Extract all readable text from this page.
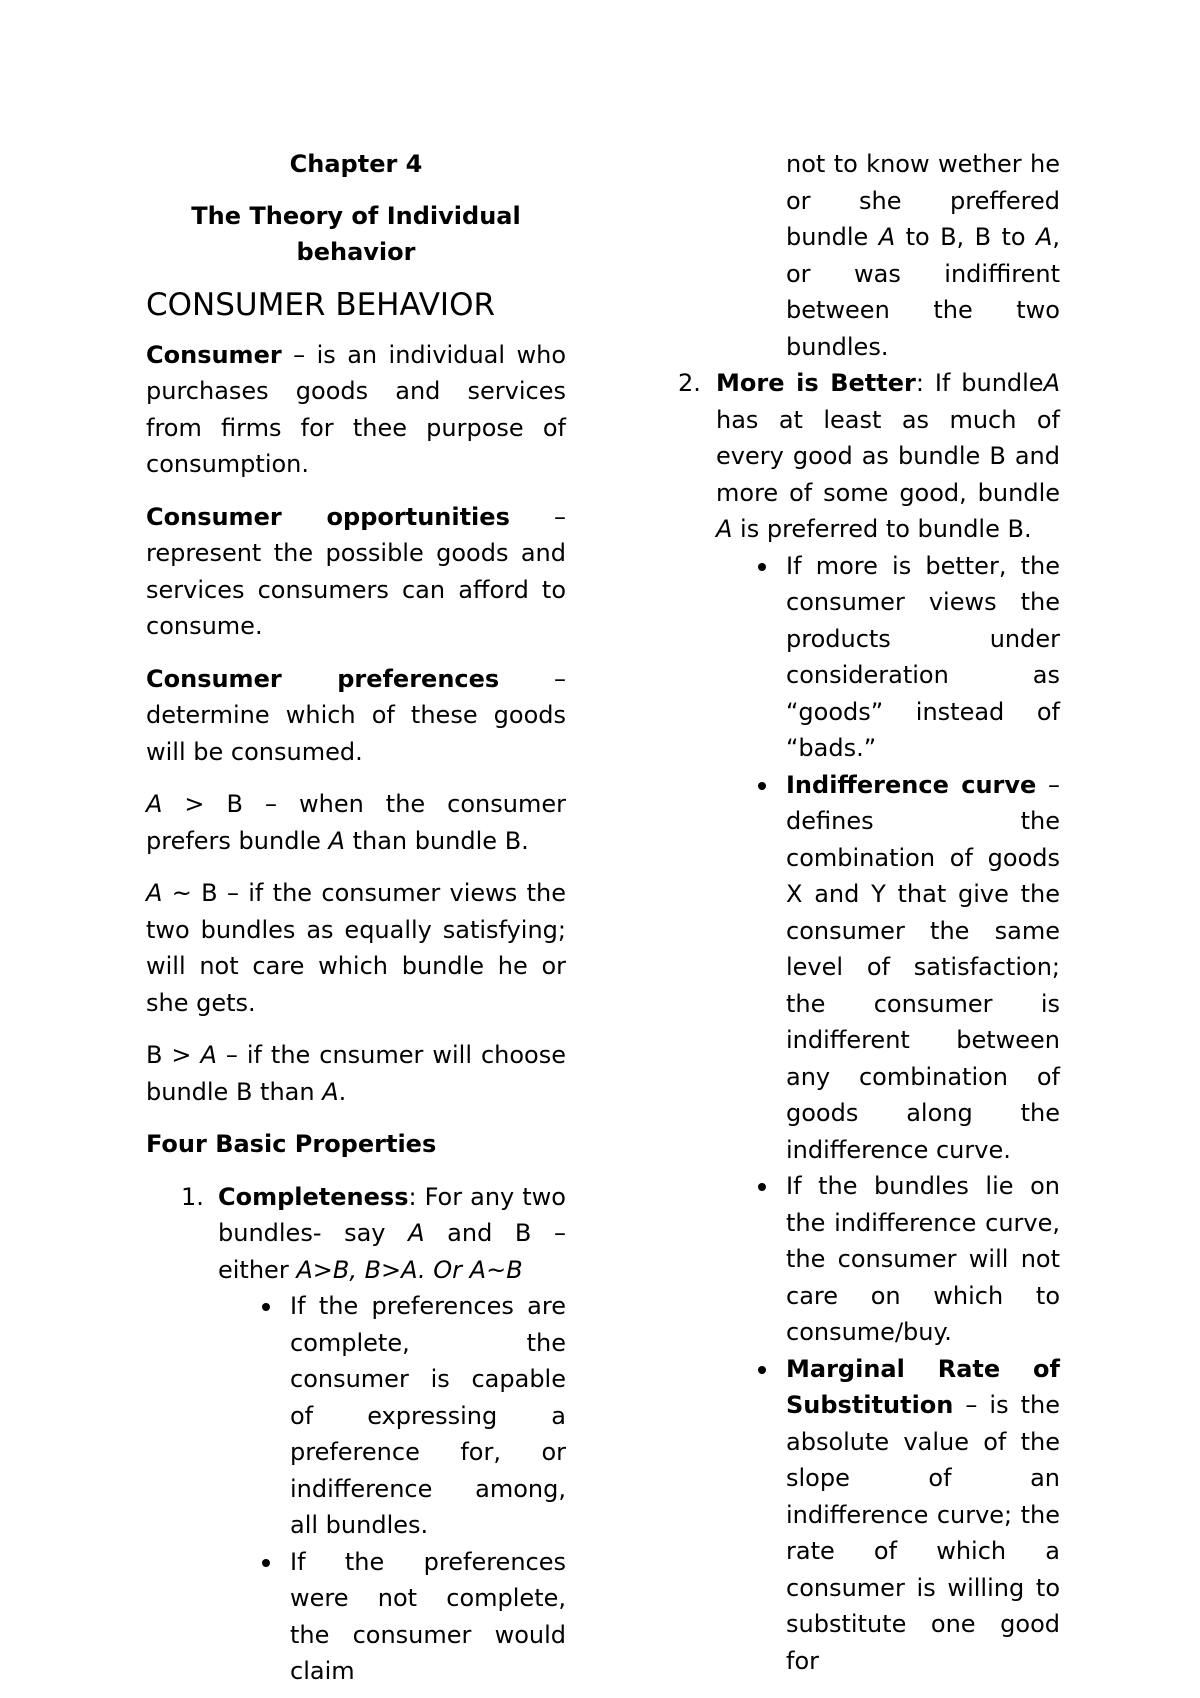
Chapter 4

The Theory of Individual behavior

CONSUMER BEHAVIOR

Consumer – is an individual who purchases goods and services from firms for thee purpose of consumption.

Consumer opportunities – represent the possible goods and services consumers can afford to consume.

Consumer preferences – determine which of these goods will be consumed.

A > B – when the consumer prefers bundle A than bundle B.

A ~ B – if the consumer views the two bundles as equally satisfying; will not care which bundle he or she gets.

B > A – if the cnsumer will choose bundle B than A.

Four Basic Properties

1. Completeness: For any two bundles- say A and B – either A>B, B>A. Or A~B

If the preferences are complete, the consumer is capable of expressing a preference for, or indifference among, all bundles.
If the preferences were not complete, the consumer would claim

not to know wether he or she preffered bundle A to B, B to A, or was indiffirent between the two bundles.

2. More is Better: If bundleA has at least as much of every good as bundle B and more of some good, bundle A is preferred to bundle B.

If more is better, the consumer views the products under consideration as “goods” instead of “bads.”
Indifference curve – defines the combination of goods X and Y that give the consumer the same level of satisfaction; the consumer is indifferent between any combination of goods along the indifference curve.
If the bundles lie on the indifference curve, the consumer will not care on which to consume/buy.
Marginal Rate of Substitution – is the absolute value of the slope of an indifference curve; the rate of which a consumer is willing to substitute one good for
